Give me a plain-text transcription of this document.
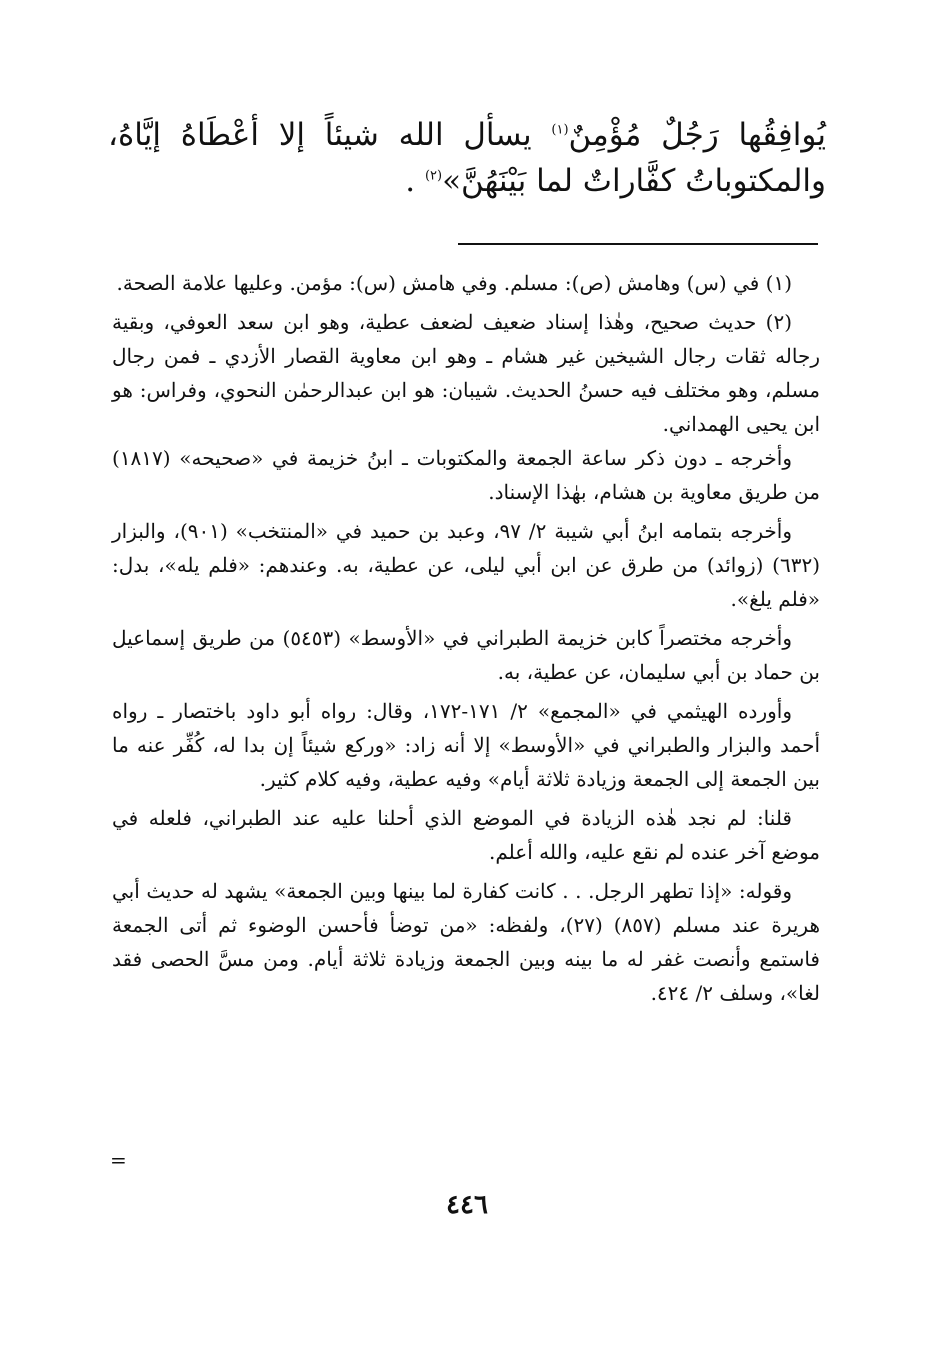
يُوافِقُها رَجُلٌ مُؤْمِنٌ$^{(١)}$ يسأل الله شيئاً إلا أعْطَاهُ إيَّاهُ، والمكتوباتُ كفَّاراتٌ لما بَيْنَهُنَّ»$^{(٢)}$ .

(١) في (س) وهامش (ص): مسلم. وفي هامش (س): مؤمن. وعليها علامة الصحة.

(٢) حديث صحيح، وهٰذا إسناد ضعيف لضعف عطية، وهو ابن سعد العوفي، وبقية رجاله ثقات رجال الشيخين غير هشام ـ وهو ابن معاوية القصار الأزدي ـ فمن رجال مسلم، وهو مختلف فيه حسنُ الحديث. شيبان: هو ابن عبدالرحمٰن النحوي، وفراس: هو ابن يحيى الهمداني.

وأخرجه ـ دون ذكر ساعة الجمعة والمكتوبات ـ ابنُ خزيمة في «صحيحه» (١٨١٧) من طريق معاوية بن هشام، بهٰذا الإسناد.

وأخرجه بتمامه ابنُ أبي شيبة ٢/ ٩٧، وعبد بن حميد في «المنتخب» (٩٠١)، والبزار (٦٣٢) (زوائد) من طرق عن ابن أبي ليلى، عن عطية، به. وعندهم: «فلم يله»، بدل: «فلم يلغ».

وأخرجه مختصراً كابن خزيمة الطبراني في «الأوسط» (٥٤٥٣) من طريق إسماعيل بن حماد بن أبي سليمان، عن عطية، به.

وأورده الهيثمي في «المجمع» ٢/ ١٧١-١٧٢، وقال: رواه أبو داود باختصار ـ رواه أحمد والبزار والطبراني في «الأوسط» إلا أنه زاد: «وركع شيئاً إن بدا له، كُفِّر عنه ما بين الجمعة إلى الجمعة وزيادة ثلاثة أيام» وفيه عطية، وفيه كلام كثير.

قلنا: لم نجد هٰذه الزيادة في الموضع الذي أحلنا عليه عند الطبراني، فلعله في موضع آخر عنده لم نقع عليه، والله أعلم.

وقوله: «إذا تطهر الرجل. . . كانت كفارة لما بينها وبين الجمعة» يشهد له حديث أبي هريرة عند مسلم (٨٥٧) (٢٧)، ولفظه: «من توضأ فأحسن الوضوء ثم أتى الجمعة فاستمع وأنصت غفر له ما بينه وبين الجمعة وزيادة ثلاثة أيام. ومن مسَّ الحصى فقد لغا»، وسلف ٢/ ٤٢٤.

=
٤٤٦
